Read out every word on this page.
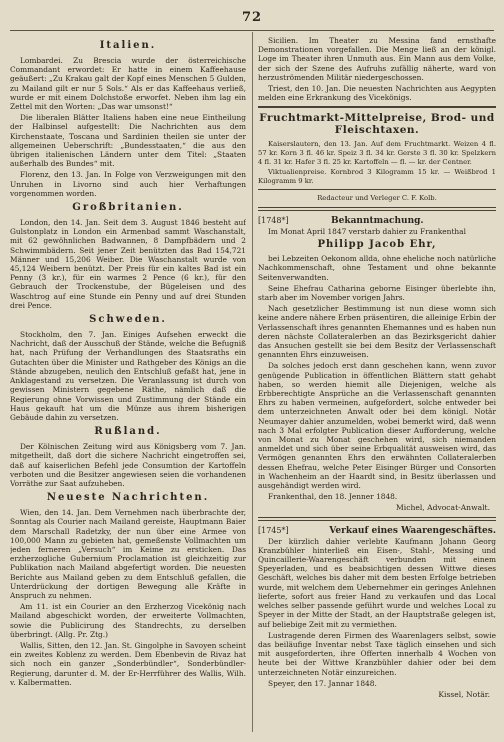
72
Italien.

Lombardei. Zu Brescia wurde der österreichische Commandant erwordet: Er hatte in einem Kaffeehause geäußert: „Zu Krakau galt der Kopf eines Menschen 5 Gulden, zu Mailand gilt er nur 5 Sols.“ Als er das Kaffeehaus verließ, wurde er mit einem Dolchstoße erworfet. Neben ihm lag ein Zettel mit den Worten: „Das war umsonst!“

Die liberalen Blätter Italiens haben eine neue Eintheilung der Halbinsel aufgestellt: Die Nachrichten aus dem Kirchenstaate, Toscana und Sardinien theilen sie unter der allgemeinen Ueberschrift: „Bundesstaaten,“ die aus den übrigen italienischen Ländern unter dem Titel: „Staaten außerhalb des Bundes“ mit.

Florenz, den 13. Jan. In Folge von Verzweigungen mit den Unruhen in Livorno sind auch hier Verhaftungen vorgenommen worden.

Großbritanien.

London, den 14. Jan. Seit dem 3. August 1846 besteht auf Gulstonplatz in London ein Armenbad sammt Waschanstalt, mit 62 gewöhnlichen Badwannen, 8 Dampfbädern und 2 Schwimmbädern. Seit jener Zeit benützten das Bad 154,721 Männer und 15,206 Weiber. Die Waschanstalt wurde von 45,124 Weibern benützt. Der Preis für ein kaltes Bad ist ein Penny (3 kr.), für ein warmes 2 Pence (6 kr.), für den Gebrauch der Trockenstube, der Bügeleisen und des Waschtrog auf eine Stunde ein Penny und auf drei Stunden drei Pence.

Schweden.

Stockholm, den 7. Jan. Einiges Aufsehen erweckt die Nachricht, daß der Ausschuß der Stände, welche die Befugniß hat, nach Prüfung der Verhandlungen des Staatsraths ein Gutachten über die Minister und Rathgeber des Königs an die Stände abzugeben, neulich den Entschluß gefaßt hat, jene in Anklagestand zu versetzen. Die Veranlassung ist durch von gewissen Ministern gegebene Räthe, nämlich daß die Regierung ohne Vorwissen und Zustimmung der Stände ein Haus gekauft hat um die Münze aus ihrem bisherigen Gebäude dahin zu versetzen.

Rußland.

Der Kölnischen Zeitung wird aus Königsberg vom 7. Jan. mitgetheilt, daß dort die sichere Nachricht eingetroffen sei, daß auf kaiserlichen Befehl jede Consumtion der Kartoffeln verboten und die Besitzer angewiesen seien die vorhandenen Vorräthe zur Saat aufzuheben.

Neueste Nachrichten.

Wien, den 14. Jan. Dem Vernehmen nach überbrachte der, Sonntag als Courier nach Mailand gereiste, Hauptmann Baier dem Marschall Radetzky, der nun über eine Armee von 100,000 Mann zu gebieten hat, gemeßenste Vollmachten um jeden ferneren „Versuch“ im Keime zu ersticken. Das erzherzogliche Gubernium Proclamation ist gleichzeitig zur Publikation nach Mailand abgefertigt worden. Die neuesten Berichte aus Mailand geben zu dem Entschluß gefallen, die Unterdrückung der dortigen Bewegung alle Kräfte in Anspruch zu nehmen.

Am 11. ist ein Courier an den Erzherzog Vicekönig nach Mailand abgeschickt worden, der erweiterte Vollmachten, sowie die Publicirung des Standrechts, zu derselben überbringt. (Allg. Pr. Ztg.)

Wallis, Sitten, den 12. Jan. St. Gingolphe in Savoyen scheint ein zweites Koblenz zu werden. Dem Ebenbevin de Rivaz hat sich noch ein ganzer „Sonderbündler“, Sonderbündler-Regierung, darunter d. M. der Er-Herrführer des Wallis, Wilh. v. Kalbermatten.

Sicilien. Im Theater zu Messina fand ernsthafte Demonstrationen vorgefallen. Die Menge ließ an der königl. Loge im Theater ihren Unmuth aus. Ein Mann aus dem Volke, der sich der Szene des Aufruhs zufällig näherte, ward von herzuströmenden Militär niedergeschossen.

Triest, den 10. Jan. Die neuesten Nachrichten aus Aegypten melden eine Erkrankung des Vicekönigs.

Fruchtmarkt-Mittelpreise, Brod- und Fleischtaxen.

Kaiserslautern, den 13. Jan. Auf dem Fruchtmarkt. Weizen 4 fl. 57 kr. Korn 3 fl. 46 kr. Speiz 3 fl. 34 kr. Gerste 3 fl. 30 kr. Spelzkern 4 fl. 31 kr. Hafer 3 fl. 25 kr. Kartoffeln — fl. — kr. der Centner.

Viktualienpreise. Kornbrod 3 Kilogramm 15 kr. — Weißbrod 1 Kilogramm 9 kr.

Redacteur und Verleger C. F. Kolb.

[1748*]	Bekanntmachung.

Im Monat April 1847 verstarb dahier zu Frankenthal

Philipp Jacob Ehr,

bei Lebzeiten Oekonom allda, ohne eheliche noch natürliche Nachkommenschaft, ohne Testament und ohne bekannte Seitenverwandten.

Seine Ehefrau Catharina geborne Eisinger überlebte ihn, starb aber im November vorigen Jahrs.

Nach gesetzlicher Bestimmung ist nun diese womn sich keine andere nähere Erben präsentiren, die alleinige Erbin der Verlassenschaft ihres genannten Ehemannes und es haben nun deren nächste Collateralerben an das Bezirksgericht dahier das Ansuchen gestellt sie bei dem Besitz der Verlassenschaft genannten Ehrs einzuweisen.

Da solches jedoch erst dann geschehen kann, wenn zuvor genügende Publication in öffentlichen Blättern statt gehabt haben, so werden hiemit alle Diejenigen, welche als Erbberechtigte Ansprüche an die Verlassenschaft genannten Ehrs zu haben vermeinen, aufgefordert, solche entweder bei dem unterzeichneten Anwalt oder bei dem königl. Notär Neumayer dahier anzumelden, wobei bemerkt wird, daß wenn nach 3 Mal erfolgter Publication dieser Aufforderung, welche von Monat zu Monat geschehen wird, sich niemanden anmeldet und sich über seine Erbqualität ausweisen wird, das Vermögen genannten Ehrs den erwähnten Collateralerben dessen Ehefrau, welche Peter Eisinger Bürger und Consorten in Wachenheim an der Haardt sind, in Besitz überlassen und ausgehändigt werden wird.

Frankenthal, den 18. Jenner 1848.

Michel, Advocat-Anwalt.

[1745*]	Verkauf eines Waarengeschäftes.

Der kürzlich dahier verlebte Kaufmann Johann Georg Kranzbühler hinterließ ein Eisen-, Stahl-, Messing und Quincaillerie-Waarengeschäft verbunden mit einem Speyerladen, und es beabsichtigen dessen Wittwe dieses Geschäft, welches bis daher mit dem besten Erfolge betrieben wurde, mit welchem dem Uebernehmer ein geringes Anlehnen lieferte, sofort aus freier Hand zu verkaufen und das Local welches selber passende geführt wurde und welches Local zu Speyer in der Mitte der Stadt, an der Hauptstraße gelegen ist, auf beliebige Zeit mit zu vermiethen.

Lustragende deren Firmen des Waarenlagers selbst, sowie das beiläufige Inventar nebst Taxe täglich einsehen und sich mit ausgeforderten, ihre Offerten innerhalb 4 Wochen von heute bei der Wittwe Kranzbühler dahier oder bei dem unterzeichneten Notär einzureichen.

Speyer, den 17. Jannar 1848.

Kissel, Notär.
